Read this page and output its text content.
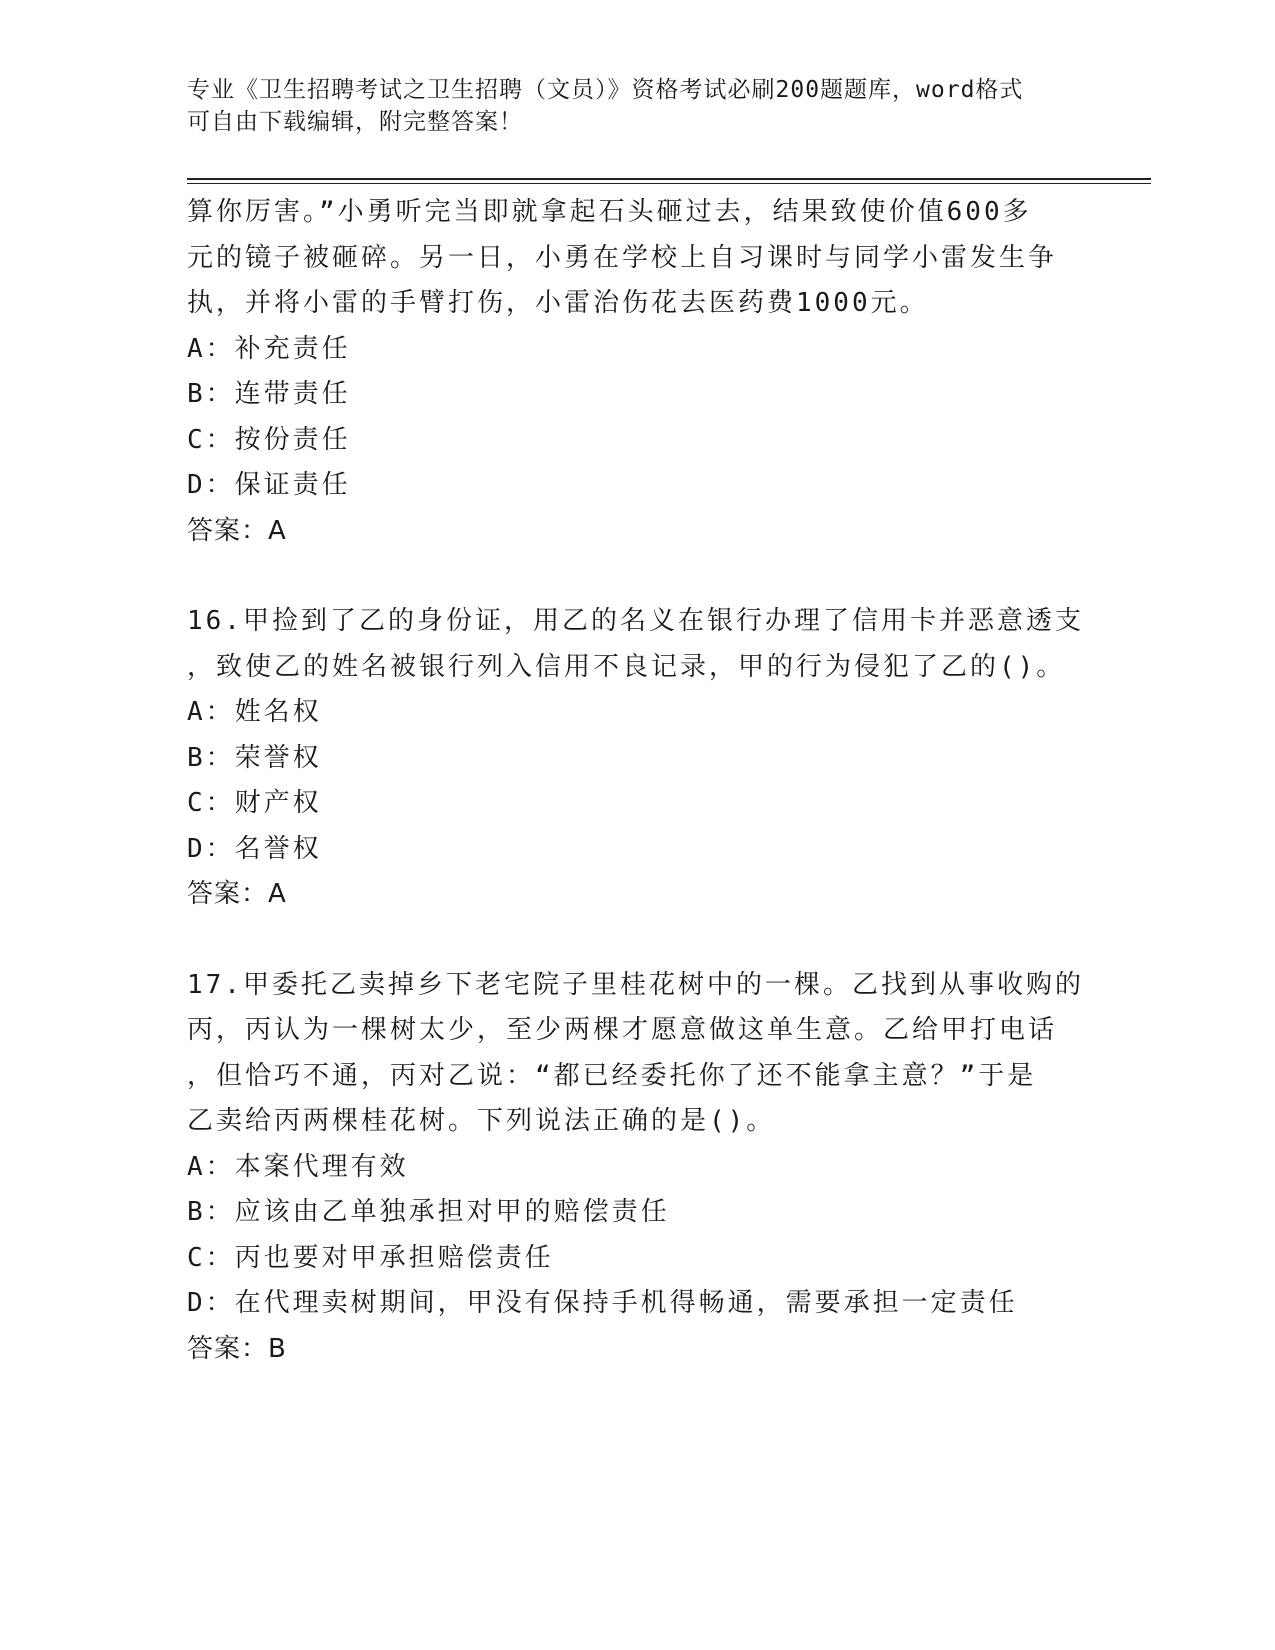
专业《卫生招聘考试之卫生招聘（文员）》资格考试必刷200题题库，word格式
可自由下载编辑，附完整答案！
算你厉害。”小勇听完当即就拿起石头砸过去，结果致使价值600多
元的镜子被砸碎。另一日，小勇在学校上自习课时与同学小雷发生争
执，并将小雷的手臂打伤，小雷治伤花去医药费1000元。
A：补充责任
B：连带责任
C：按份责任
D：保证责任
答案：A
16.甲捡到了乙的身份证，用乙的名义在银行办理了信用卡并恶意透支
，致使乙的姓名被银行列入信用不良记录，甲的行为侵犯了乙的()。
A：姓名权
B：荣誉权
C：财产权
D：名誉权
答案：A
17.甲委托乙卖掉乡下老宅院子里桂花树中的一棵。乙找到从事收购的
丙，丙认为一棵树太少，至少两棵才愿意做这单生意。乙给甲打电话
，但恰巧不通，丙对乙说：“都已经委托你了还不能拿主意？”于是
乙卖给丙两棵桂花树。下列说法正确的是()。
A：本案代理有效
B：应该由乙单独承担对甲的赔偿责任
C：丙也要对甲承担赔偿责任
D：在代理卖树期间，甲没有保持手机得畅通，需要承担一定责任
答案：B
